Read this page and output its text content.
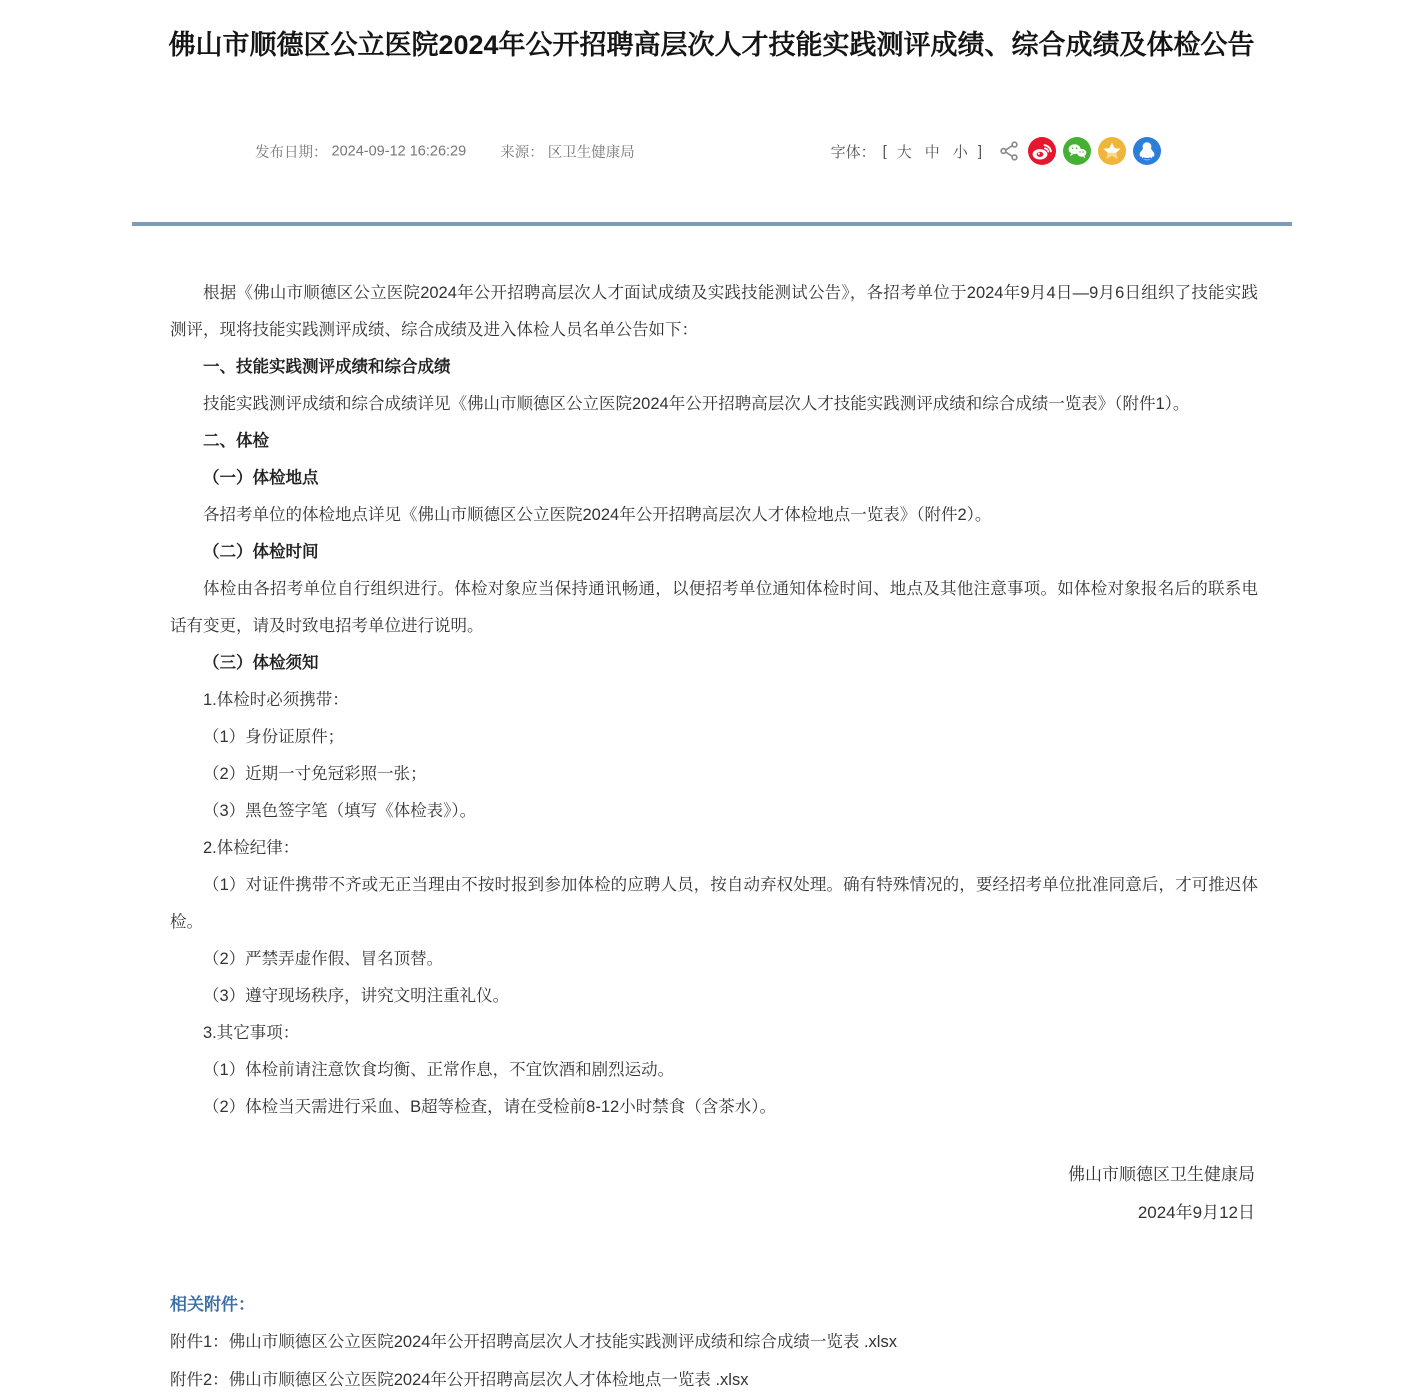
佛山市顺德区公立医院2024年公开招聘高层次人才技能实践测评成绩、综合成绩及体检公告
发布日期： 2024-09-12 16:26:29 来源： 区卫生健康局	字体： [ 大 中 小 ]

根据《佛山市顺德区公立医院2024年公开招聘高层次人才面试成绩及实践技能测试公告》，各招考单位于2024年9月4日—9月6日组织了技能实践测评，现将技能实践测评成绩、综合成绩及进入体检人员名单公告如下：

一、技能实践测评成绩和综合成绩

技能实践测评成绩和综合成绩详见《佛山市顺德区公立医院2024年公开招聘高层次人才技能实践测评成绩和综合成绩一览表》（附件1）。

二、体检

（一）体检地点

各招考单位的体检地点详见《佛山市顺德区公立医院2024年公开招聘高层次人才体检地点一览表》（附件2）。

（二）体检时间

体检由各招考单位自行组织进行。体检对象应当保持通讯畅通，以便招考单位通知体检时间、地点及其他注意事项。如体检对象报名后的联系电话有变更，请及时致电招考单位进行说明。

（三）体检须知

1.体检时必须携带：

（1）身份证原件；

（2）近期一寸免冠彩照一张；

（3）黑色签字笔（填写《体检表》）。

2.体检纪律：

（1）对证件携带不齐或无正当理由不按时报到参加体检的应聘人员，按自动弃权处理。确有特殊情况的，要经招考单位批准同意后，才可推迟体检。

（2）严禁弄虚作假、冒名顶替。

（3）遵守现场秩序，讲究文明注重礼仪。

3.其它事项：

（1）体检前请注意饮食均衡、正常作息，不宜饮酒和剧烈运动。

（2）体检当天需进行采血、B超等检查，请在受检前8-12小时禁食（含茶水）。

佛山市顺德区卫生健康局
2024年9月12日
相关附件：
附件1：佛山市顺德区公立医院2024年公开招聘高层次人才技能实践测评成绩和综合成绩一览表 .xlsx
附件2：佛山市顺德区公立医院2024年公开招聘高层次人才体检地点一览表 .xlsx
